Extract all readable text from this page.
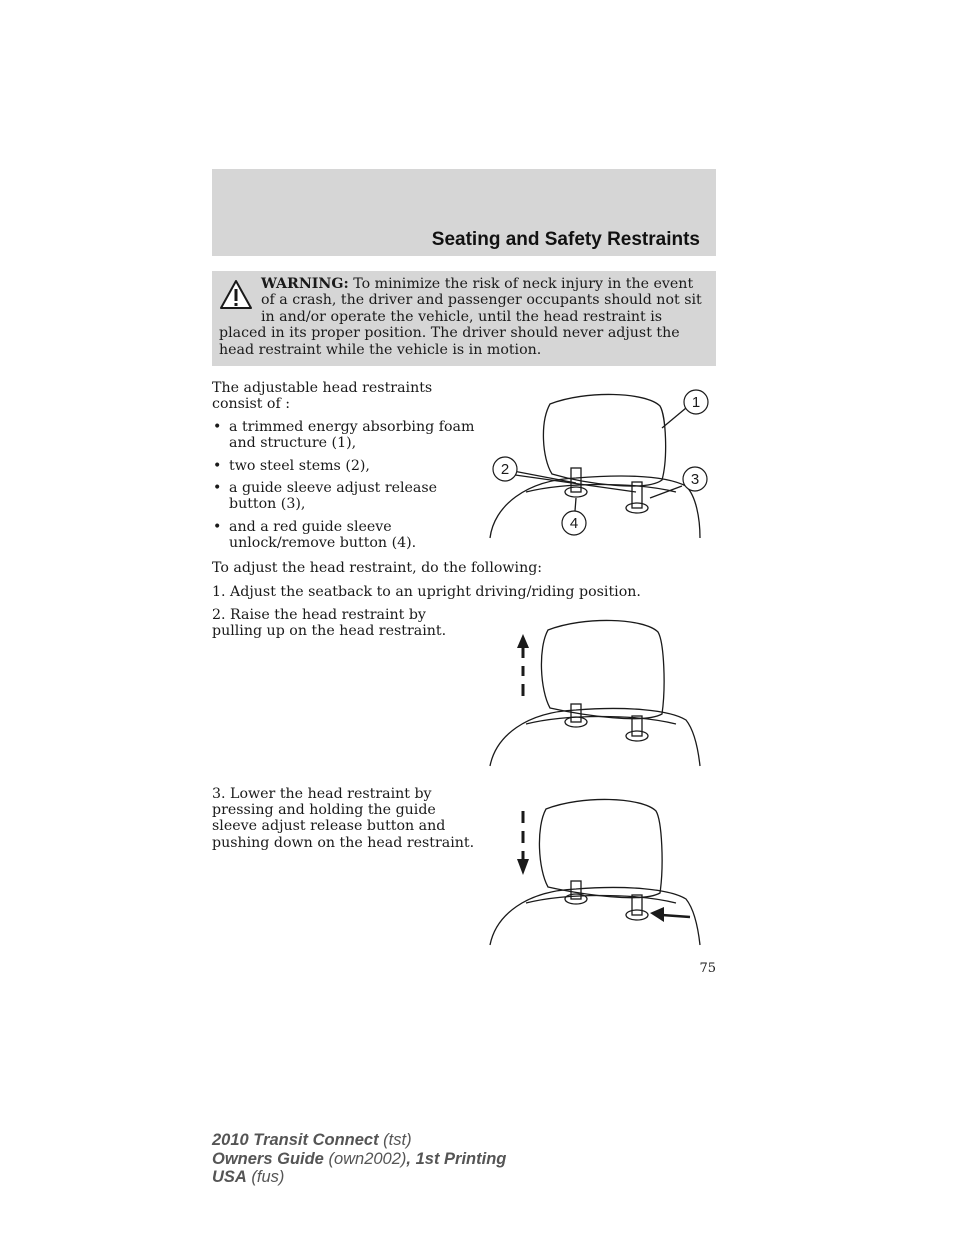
Seating and Safety Restraints
WARNING: To minimize the risk of neck injury in the event of a crash, the driver and passenger occupants should not sit in and/or operate the vehicle, until the head restraint is placed in its proper position. The driver should never adjust the head restraint while the vehicle is in motion.
The adjustable head restraints
consist of :
• a trimmed energy absorbing foam
and structure (1),
• two steel stems (2),
• a guide sleeve adjust release
button (3),
• and a red guide sleeve
unlock/remove button (4).
To adjust the head restraint, do the following:
1. Adjust the seatback to an upright driving/riding position.
2. Raise the head restraint by
pulling up on the head restraint.
3. Lower the head restraint by
pressing and holding the guide
sleeve adjust release button and
pushing down on the head restraint.
1
2
3
4
75
2010 Transit Connect (tst)
Owners Guide (own2002), 1st Printing
USA (fus)
